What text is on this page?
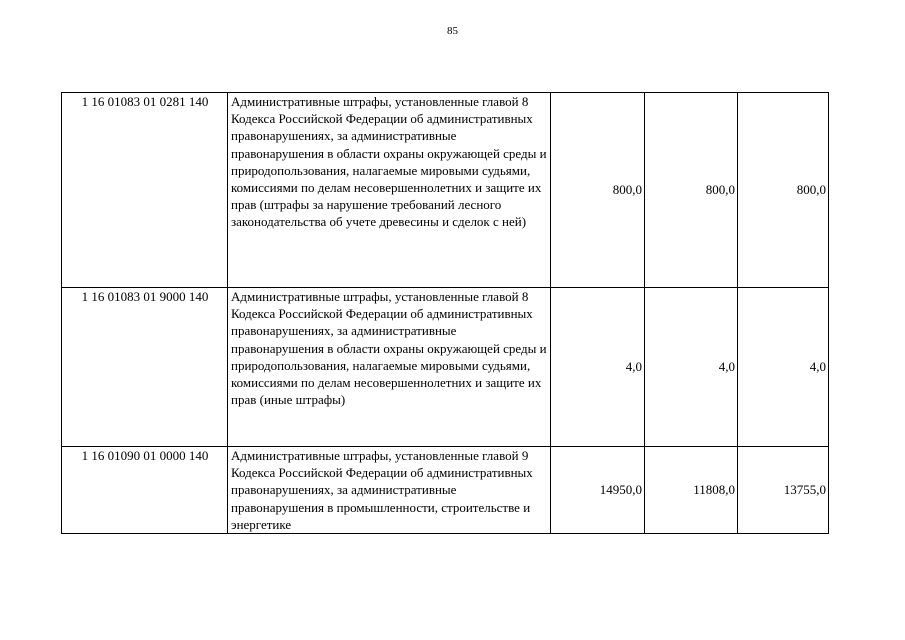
85
1 16 01083 01 0281 140	Административные штрафы, установленные главой 8 Кодекса Российской Федерации об административных правонарушениях, за административные правонарушения в области охраны окружающей среды и природопользования, налагаемые мировыми судьями, комиссиями по делам несовершеннолетних и защите их прав (штрафы за нарушение требований лесного законодательства об учете древесины и сделок с ней)	800,0	800,0	800,0
1 16 01083 01 9000 140	Административные штрафы, установленные главой 8 Кодекса Российской Федерации об административных правонарушениях, за административные правонарушения в области охраны окружающей среды и природопользования, налагаемые мировыми судьями, комиссиями по делам несовершеннолетних и защите их прав (иные штрафы)	4,0	4,0	4,0
1 16 01090 01 0000 140	Административные штрафы, установленные главой 9 Кодекса Российской Федерации об административных правонарушениях, за административные правонарушения в промышленности, строительстве и энергетике	14950,0	11808,0	13755,0
